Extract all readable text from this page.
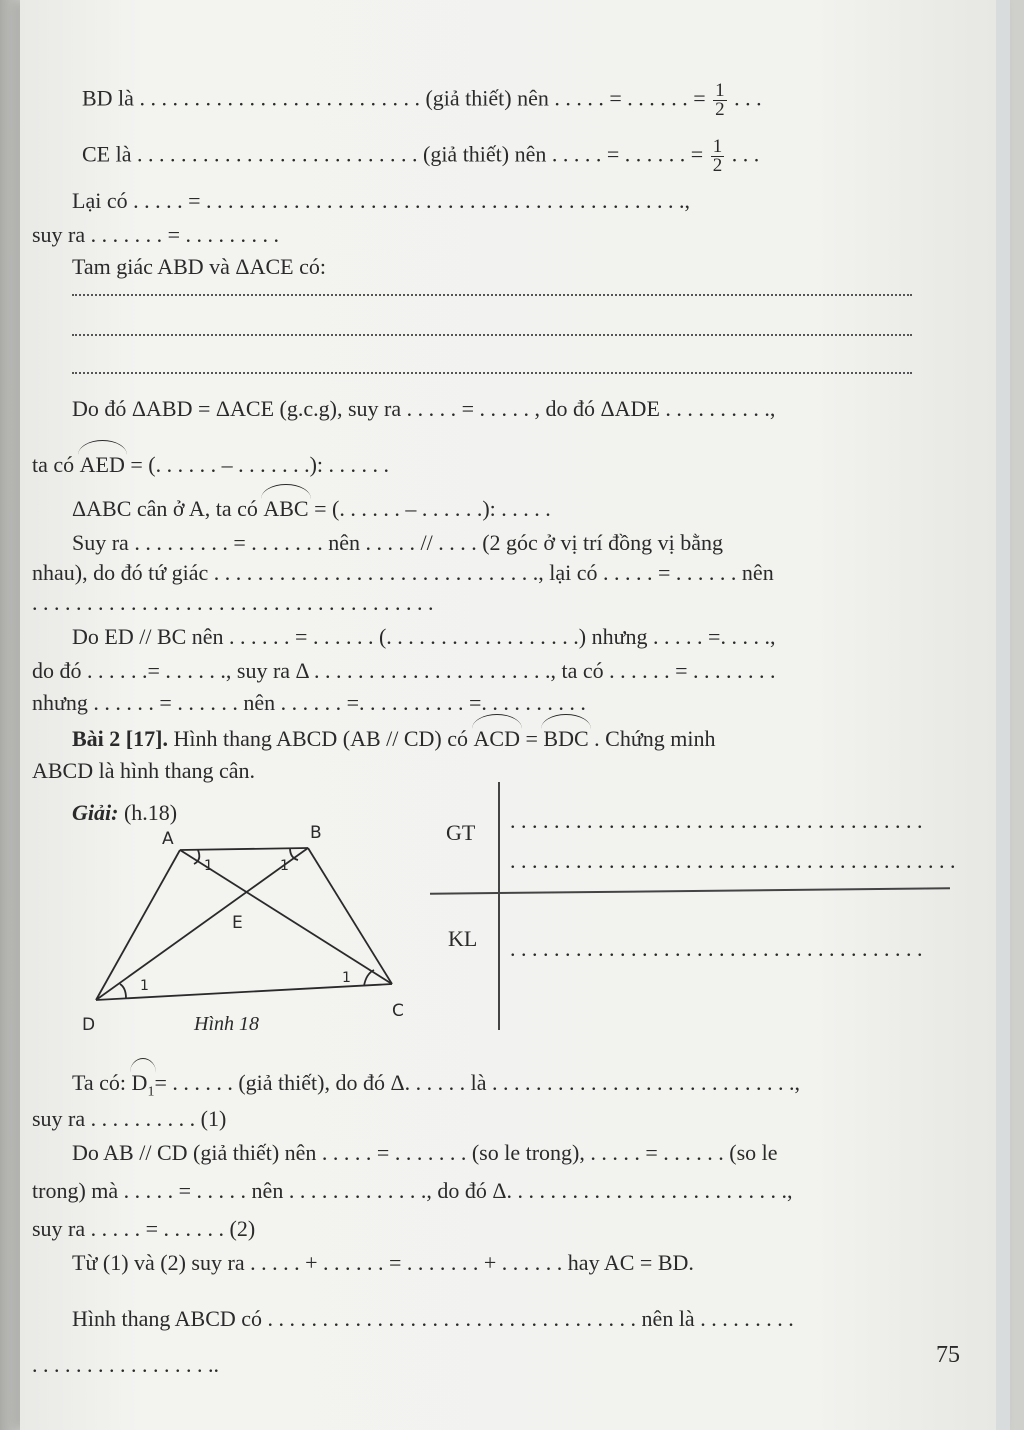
BD là . . . . . . . . . . . . . . . . . . . . . . . . . . (giả thiết) nên . . . . . = . . . . . . = $\frac{1}{2}$ . . .
CE là . . . . . . . . . . . . . . . . . . . . . . . . . . (giả thiết) nên . . . . . = . . . . . . = $\frac{1}{2}$ . . .
Lại có . . . . . = . . . . . . . . . . . . . . . . . . . . . . . . . . . . . . . . . . . . . . . . . . . .,
suy ra . . . . . . . = . . . . . . . . .
Tam giác ABD và ΔACE có:
Do đó ΔABD = ΔACE (g.c.g), suy ra . . . . . = . . . . . , do đó ΔADE . . . . . . . . . .,
ta có AED = (. . . . . . – . . . . . . .): . . . . . .
ΔABC cân ở A, ta có ABC = (. . . . . . – . . . . . .): . . . . .
Suy ra . . . . . . . . . = . . . . . . . nên . . . . . // . . . . (2 góc ở vị trí đồng vị bằng
nhau), do đó tứ giác . . . . . . . . . . . . . . . . . . . . . . . . . . . . . ., lại có . . . . . = . . . . . . nên
. . . . . . . . . . . . . . . . . . . . . . . . . . . . . . . . . . . . .
Do ED // BC nên . . . . . . = . . . . . . (. . . . . . . . . . . . . . . . . .) nhưng . . . . . =. . . . .,
do đó . . . . . .= . . . . . ., suy ra Δ . . . . . . . . . . . . . . . . . . . . . ., ta có . . . . . . = . . . . . . . .
nhưng . . . . . . = . . . . . . nên . . . . . . =. . . . . . . . . . =. . . . . . . . . .
Bài 2 [17]. Hình thang ABCD (AB // CD) có ACD = BDC . Chứng minh
ABCD là hình thang cân.
Giải: (h.18)
A	B
C
D
E
1	1
1	1
Hình 18
GT . . . . . . . . . . . . . . . . . . . . . . . . . . . . . . . . . . . . . .
. . . . . . . . . . . . . . . . . . . . . . . . . . . . . . . . . . . . . . . . .
KL . . . . . . . . . . . . . . . . . . . . . . . . . . . . . . . . . . . . . .
Ta có: $D_1=$ . . . . . . (giả thiết), do đó Δ. . . . . . là . . . . . . . . . . . . . . . . . . . . . . . . . . . .,
suy ra . . . . . . . . . . (1)
Do AB // CD (giả thiết) nên . . . . . = . . . . . . . (so le trong), . . . . . = . . . . . . (so le
trong) mà . . . . . = . . . . . nên . . . . . . . . . . . . ., do đó Δ. . . . . . . . . . . . . . . . . . . . . . . . . .,
suy ra . . . . . = . . . . . . (2)
Từ (1) và (2) suy ra . . . . . + . . . . . . = . . . . . . . + . . . . . . hay AC = BD.
Hình thang ABCD có . . . . . . . . . . . . . . . . . . . . . . . . . . . . . . . . . . nên là . . . . . . . . .
. . . . . . . . . . . . . . . . ..	75
